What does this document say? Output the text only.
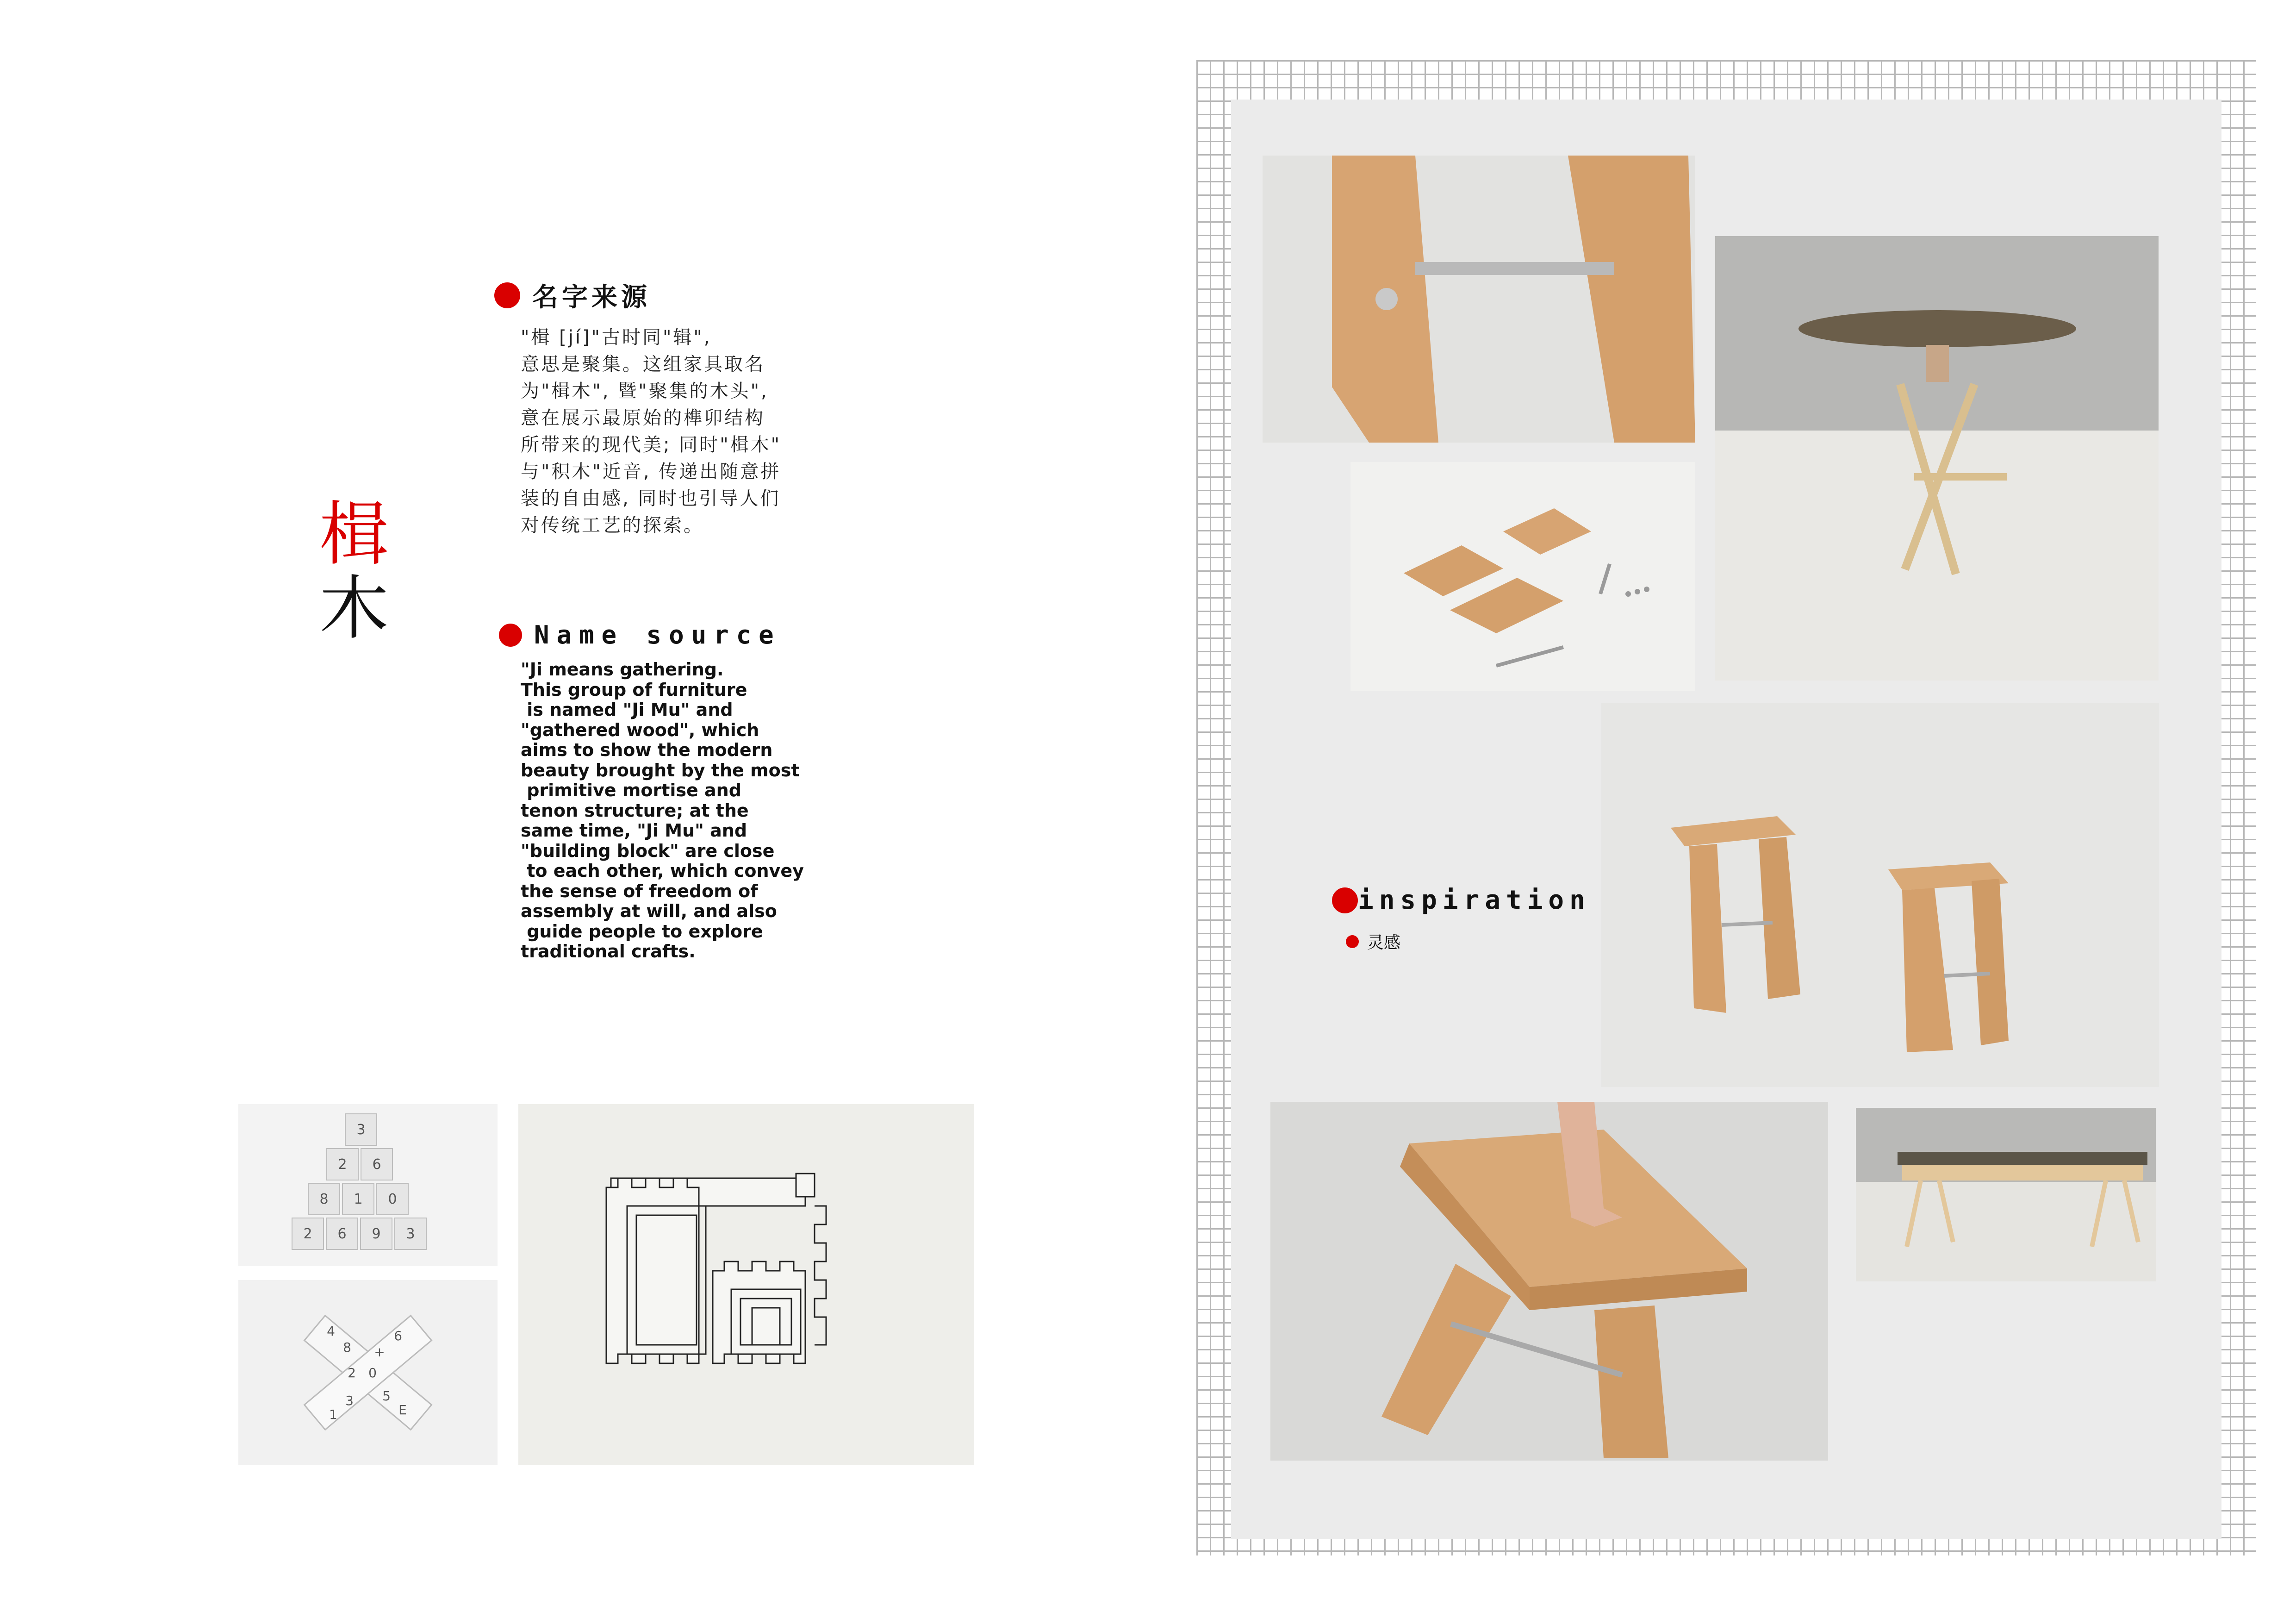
楫
木
名字来源
"楫 [jí]"古时同"辑",
意思是聚集。这组家具取名
为"楫木", 暨"聚集的木头",
意在展示最原始的榫卯结构
所带来的现代美; 同时"楫木"
与"积木"近音, 传递出随意拼
装的自由感, 同时也引导人们
对传统工艺的探索。
Name source
"Ji means gathering.
This group of furniture
is named "Ji Mu" and
"gathered wood", which
aims to show the modern
beauty brought by the most
primitive mortise and
tenon structure; at the
same time, "Ji Mu" and
"building block" are close
to each other, which convey
the sense of freedom of
assembly at will, and also
guide people to explore
traditional crafts.
3
2	6
8	1	0
2	6	9	3
4
8
2 0
6
+
5
E
3
1
inspiration
灵感
